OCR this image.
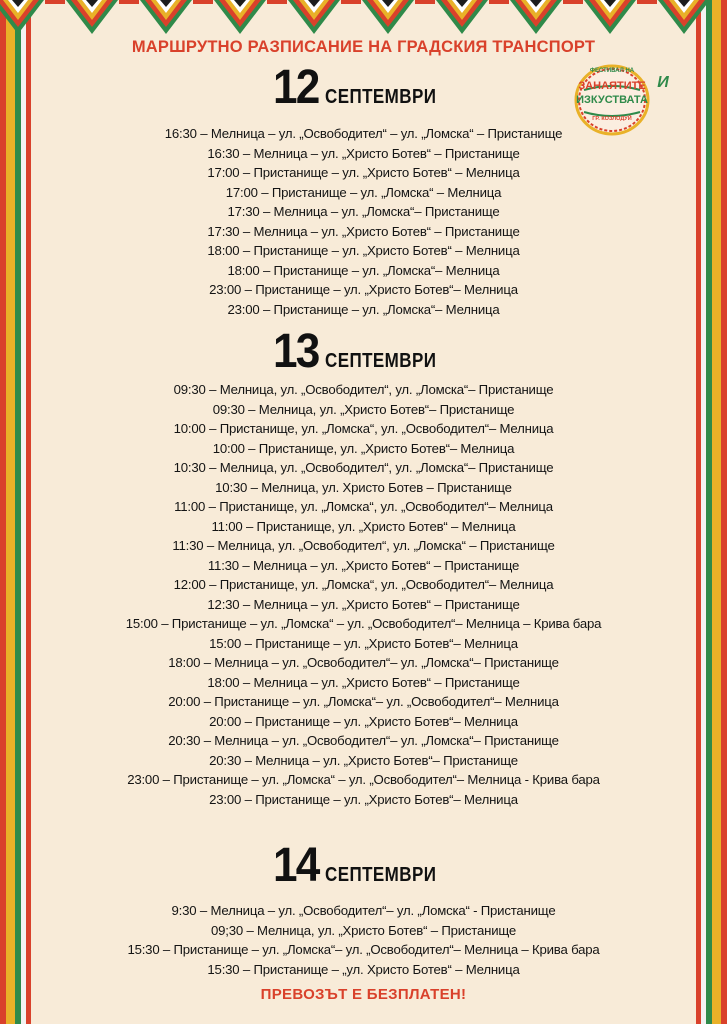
МАРШРУТНО РАЗПИСАНИЕ НА ГРАДСКИЯ ТРАНСПОРТ
ФЕСТИВАЛ НА
ЗАНАЯТИТЕ И
ИЗКУСТВАТА
ГР. КОЗЛОДУЙ
12 СЕПТЕМВРИ
16:30 – Мелница – ул. „Освободител“ – ул. „Ломска“ – Пристанище
16:30 – Мелница – ул. „Христо Ботев“ – Пристанище
17:00 – Пристанище – ул. „Христо Ботев“ – Мелница
17:00 – Пристанище – ул. „Ломска“ – Мелница
17:30 – Мелница – ул. „Ломска“– Пристанище
17:30 – Мелница – ул. „Христо Ботев“ – Пристанище
18:00 – Пристанище – ул. „Христо Ботев“ – Мелница
18:00 – Пристанище – ул. „Ломска“– Мелница
23:00 – Пристанище – ул. „Христо Ботев“– Мелница
23:00 – Пристанище – ул. „Ломска“– Мелница
13 СЕПТЕМВРИ
09:30 – Мелница, ул. „Освободител“, ул. „Ломска“– Пристанище
09:30 – Мелница, ул. „Христо Ботев“– Пристанище
10:00 – Пристанище, ул. „Ломска“, ул. „Освободител“– Мелница
10:00 – Пристанище, ул. „Христо Ботев“– Мелница
10:30 – Мелница, ул. „Освободител“, ул. „Ломска“– Пристанище
10:30 – Мелница, ул. Христо Ботев – Пристанище
11:00 – Пристанище, ул. „Ломска“, ул. „Освободител“– Мелница
11:00 – Пристанище, ул. „Христо Ботев“ – Мелница
11:30 – Мелница, ул. „Освободител“, ул. „Ломска“ – Пристанище
11:30 – Мелница – ул. „Христо Ботев“ – Пристанище
12:00 – Пристанище, ул. „Ломска“, ул. „Освободител“– Мелница
12:30 – Мелница – ул. „Христо Ботев“ – Пристанище
15:00 – Пристанище – ул. „Ломска“ – ул. „Освободител“– Мелница – Крива бара
15:00 – Пристанище – ул. „Христо Ботев“– Мелница
18:00 – Мелница – ул. „Освободител“– ул. „Ломска“– Пристанище
18:00 – Мелница – ул. „Христо Ботев“ – Пристанище
20:00 – Пристанище – ул. „Ломска“– ул. „Освободител“– Мелница
20:00 – Пристанище – ул. „Христо Ботев“– Мелница
20:30 – Мелница – ул. „Освободител“– ул. „Ломска“– Пристанище
20:30 – Мелница – ул. „Христо Ботев“– Пристанище
23:00 – Пристанище – ул. „Ломска“ – ул. „Освободител“– Мелница - Крива бара
23:00 – Пристанище – ул. „Христо Ботев“– Мелница
14 СЕПТЕМВРИ
9:30 – Мелница – ул. „Освободител“– ул. „Ломска“ - Пристанище
09;30 – Мелница, ул. „Христо Ботев“ – Пристанище
15:30 – Пристанище – ул. „Ломска“– ул. „Освободител“– Мелница – Крива бара
15:30 – Пристанище – „ул. Христо Ботев“ – Мелница
ПРЕВОЗЪТ Е БЕЗПЛАТЕН!
